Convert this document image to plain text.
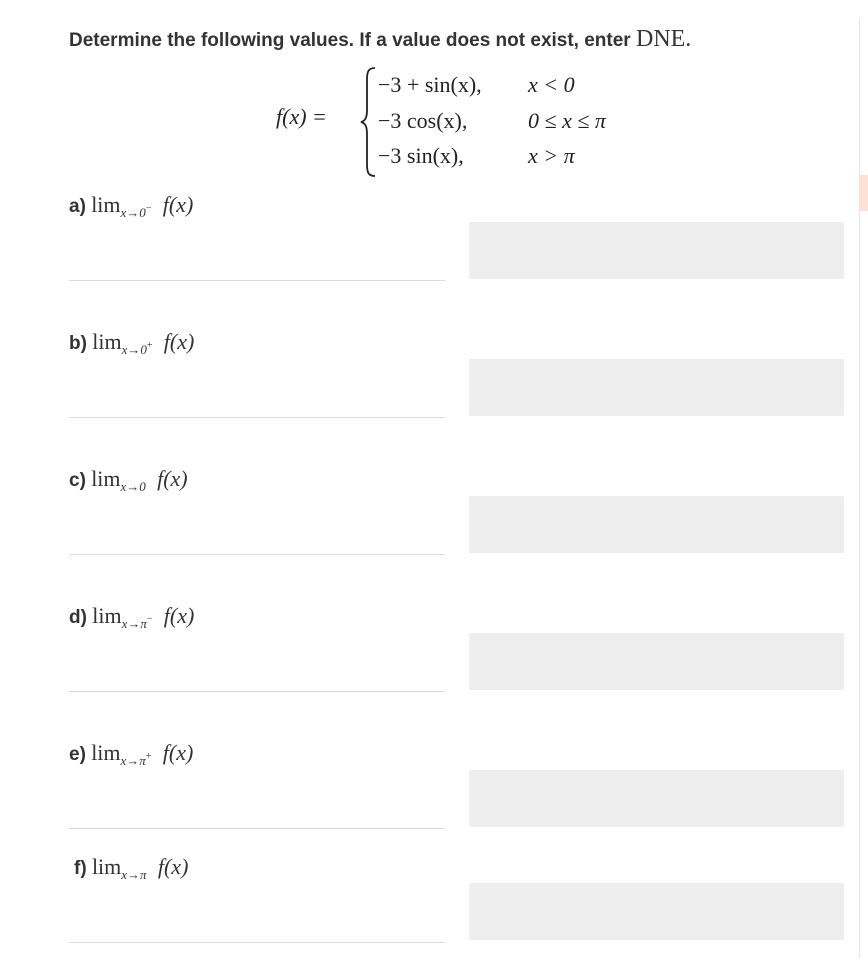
Determine the following values. If a value does not exist, enter DNE.
f(x) =
−3 + sin(x), x < 0
−3 cos(x),	0 ≤ x ≤ π
−3 sin(x),	x > π
a) $\lim_{x\to 0^-} f(x)$
b) $\lim_{x\to 0^+} f(x)$
c) $\lim_{x\to 0} f(x)$
d) $\lim_{x\to\pi^-} f(x)$
e) $\lim_{x\to\pi^+} f(x)$
f) $\lim_{x\to\pi} f(x)$
